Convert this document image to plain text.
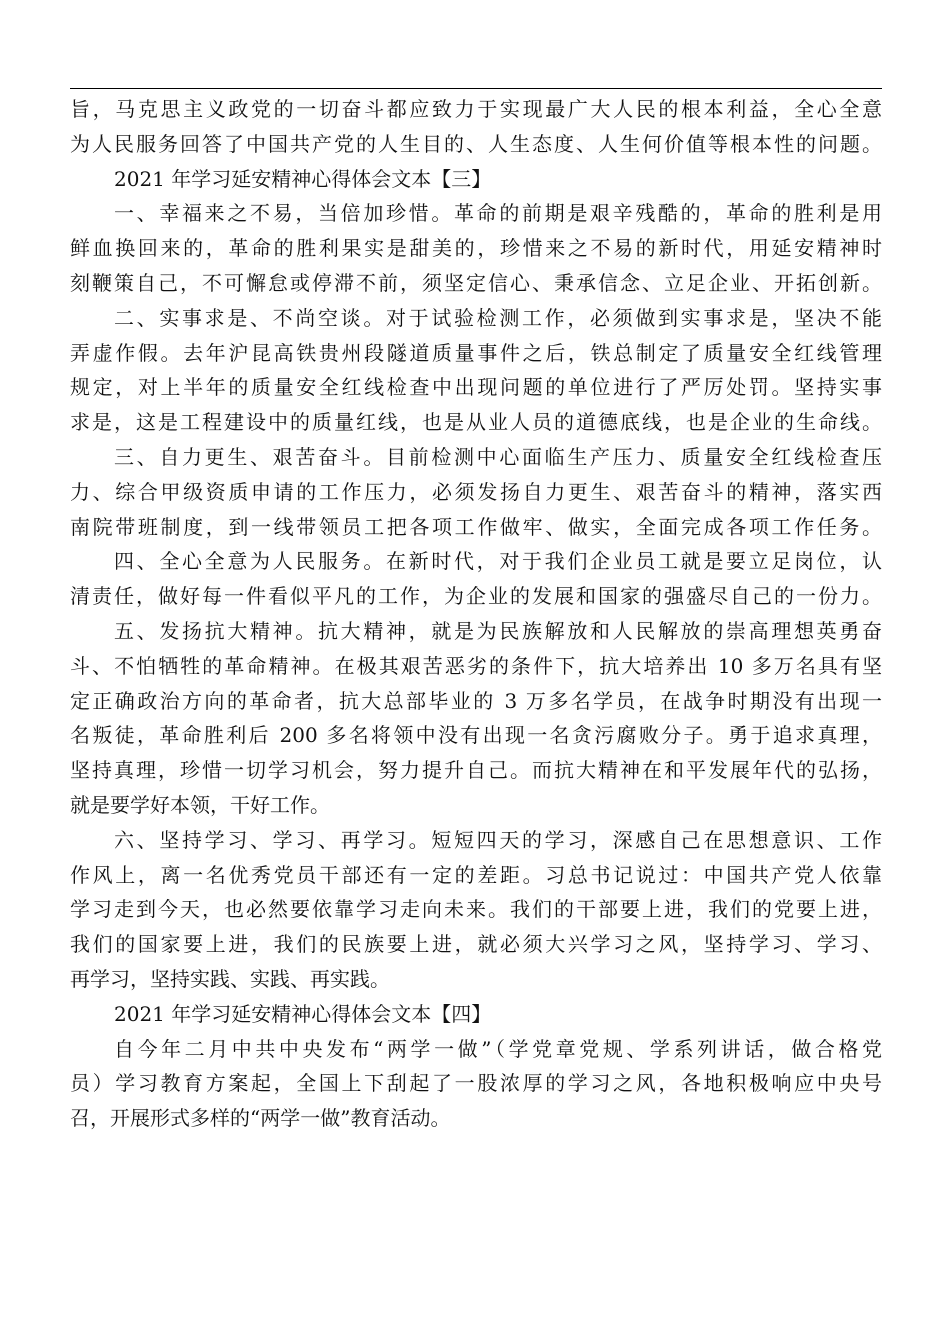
旨，马克思主义政党的一切奋斗都应致力于实现最广大人民的根本利益，全心全意
为人民服务回答了中国共产党的人生目的、人生态度、人生何价值等根本性的问题。
2021 年学习延安精神心得体会文本【三】
一、幸福来之不易，当倍加珍惜。革命的前期是艰辛残酷的，革命的胜利是用
鲜血换回来的，革命的胜利果实是甜美的，珍惜来之不易的新时代，用延安精神时
刻鞭策自己，不可懈怠或停滞不前，须坚定信心、秉承信念、立足企业、开拓创新。
二、实事求是、不尚空谈。对于试验检测工作，必须做到实事求是，坚决不能
弄虚作假。去年沪昆高铁贵州段隧道质量事件之后，铁总制定了质量安全红线管理
规定，对上半年的质量安全红线检查中出现问题的单位进行了严厉处罚。坚持实事
求是，这是工程建设中的质量红线，也是从业人员的道德底线，也是企业的生命线。
三、自力更生、艰苦奋斗。目前检测中心面临生产压力、质量安全红线检查压
力、综合甲级资质申请的工作压力，必须发扬自力更生、艰苦奋斗的精神，落实西
南院带班制度，到一线带领员工把各项工作做牢、做实，全面完成各项工作任务。
四、全心全意为人民服务。在新时代，对于我们企业员工就是要立足岗位，认
清责任，做好每一件看似平凡的工作，为企业的发展和国家的强盛尽自己的一份力。
五、发扬抗大精神。抗大精神，就是为民族解放和人民解放的崇高理想英勇奋
斗、不怕牺牲的革命精神。在极其艰苦恶劣的条件下，抗大培养出 10 多万名具有坚
定正确政治方向的革命者，抗大总部毕业的 3 万多名学员，在战争时期没有出现一
名叛徒，革命胜利后 200 多名将领中没有出现一名贪污腐败分子。勇于追求真理，
坚持真理，珍惜一切学习机会，努力提升自己。而抗大精神在和平发展年代的弘扬，
就是要学好本领，干好工作。
六、坚持学习、学习、再学习。短短四天的学习，深感自己在思想意识、工作
作风上，离一名优秀党员干部还有一定的差距。习总书记说过：中国共产党人依靠
学习走到今天，也必然要依靠学习走向未来。我们的干部要上进，我们的党要上进，
我们的国家要上进，我们的民族要上进，就必须大兴学习之风，坚持学习、学习、
再学习，坚持实践、实践、再实践。
2021 年学习延安精神心得体会文本【四】
自今年二月中共中央发布“两学一做”（学党章党规、学系列讲话，做合格党
员）学习教育方案起，全国上下刮起了一股浓厚的学习之风，各地积极响应中央号
召，开展形式多样的“两学一做”教育活动。
